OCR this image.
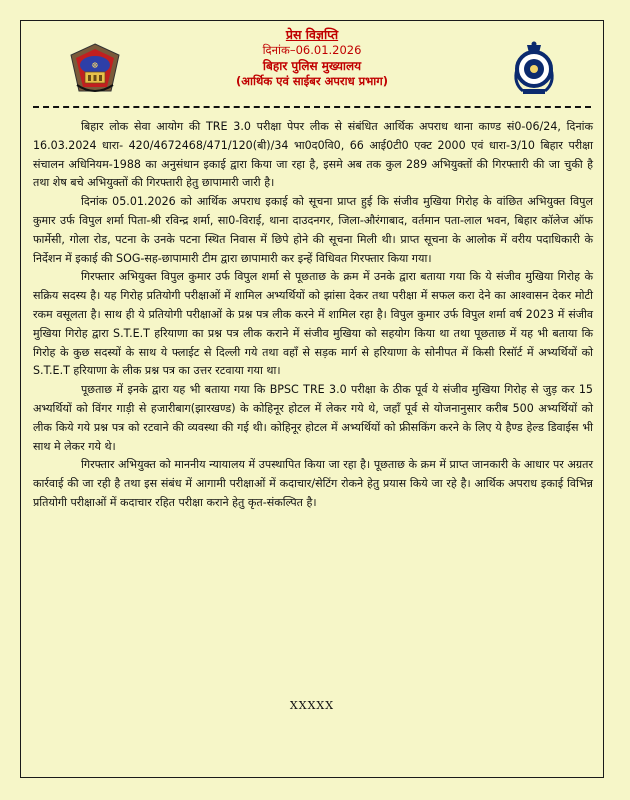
☸
प्रेस विज्ञप्ति
दिनांक–06.01.2026
बिहार पुलिस मुख्यालय
(आर्थिक एवं साईबर अपराध प्रभाग)

बिहार लोक सेवा आयोग की TRE 3.0 परीक्षा पेपर लीक से संबंधित आर्थिक अपराध थाना काण्ड सं0-06/24, दिनांक 16.03.2024 धारा- 420/4672468/471/120(बी)/34 भा0द0वि0, 66 आई0टी0 एक्ट 2000 एवं धारा-3/10 बिहार परीक्षा संचालन अधिनियम-1988 का अनुसंधान इकाई द्वारा किया जा रहा है, इसमे अब तक कुल 289 अभियुक्तों की गिरफ्तारी की जा चुकी है तथा शेष बचे अभियुक्तों की गिरफ्तारी हेतु छापामारी जारी है।

दिनांक 05.01.2026 को आर्थिक अपराध इकाई को सूचना प्राप्त हुई कि संजीव मुखिया गिरोह के वांछित अभियुक्त विपुल कुमार उर्फ विपुल शर्मा पिता-श्री रविन्द्र शर्मा, सा0-विराई, थाना दाउदनगर, जिला-औरंगाबाद, वर्तमान पता-लाल भवन, बिहार कॉलेज ऑफ फार्मेसी, गोला रोड, पटना के उनके पटना स्थित निवास में छिपे होने की सूचना मिली थी। प्राप्त सूचना के आलोक में वरीय पदाधिकारी के निर्देशन में इकाई की SOG-सह-छापामारी टीम द्वारा छापामारी कर इन्हें विधिवत गिरफ्तार किया गया।

गिरफ्तार अभियुक्त विपुल कुमार उर्फ विपुल शर्मा से पूछताछ के क्रम में उनके द्वारा बताया गया कि ये संजीव मुखिया गिरोह के सक्रिय सदस्य है। यह गिरोह प्रतियोगी परीक्षाओं में शामिल अभ्यर्थियों को झांसा देकर तथा परीक्षा में सफल करा देने का आश्वासन देकर मोटी रकम वसूलता है। साथ ही ये प्रतियोगी परीक्षाओं के प्रश्न पत्र लीक करने में शामिल रहा है। विपुल कुमार उर्फ विपुल शर्मा वर्ष 2023 में संजीव मुखिया गिरोह द्वारा S.T.E.T हरियाणा का प्रश्न पत्र लीक कराने में संजीव मुखिया को सहयोग किया था तथा पूछताछ में यह भी बताया कि गिरोह के कुछ सदस्यों के साथ ये फ्लाईट से दिल्ली गये तथा वहाँ से सड़क मार्ग से हरियाणा के सोनीपत में किसी रिसॉर्ट में अभ्यर्थियों को S.T.E.T हरियाणा के लीक प्रश्न पत्र का उत्तर रटवाया गया था।

पूछताछ में इनके द्वारा यह भी बताया गया कि BPSC TRE 3.0 परीक्षा के ठीक पूर्व ये संजीव मुखिया गिरोह से जुड़ कर 15 अभ्यर्थियों को विंगर गाड़ी से हजारीबाग(झारखण्ड) के कोहिनूर होटल में लेकर गये थे, जहाँ पूर्व से योजनानुसार करीब 500 अभ्यर्थियों को लीक किये गये प्रश्न पत्र को रटवाने की व्यवस्था की गई थी। कोहिनूर होटल में अभ्यर्थियों को फ्रीसकिंग करने के लिए ये हैण्ड हेल्ड डिवाईस भी साथ मे लेकर गये थे।

गिरफ्तार अभियुक्त को माननीय न्यायालय में उपस्थापित किया जा रहा है। पूछताछ के क्रम में प्राप्त जानकारी के आधार पर अग्रतर कार्रवाई की जा रही है तथा इस संबंध में आगामी परीक्षाओं में कदाचार/सेटिंग रोकने हेतु प्रयास किये जा रहे है। आर्थिक अपराध इकाई विभिन्न प्रतियोगी परीक्षाओं में कदाचार रहित परीक्षा कराने हेतु कृत-संकल्पित है।

XXXXX
